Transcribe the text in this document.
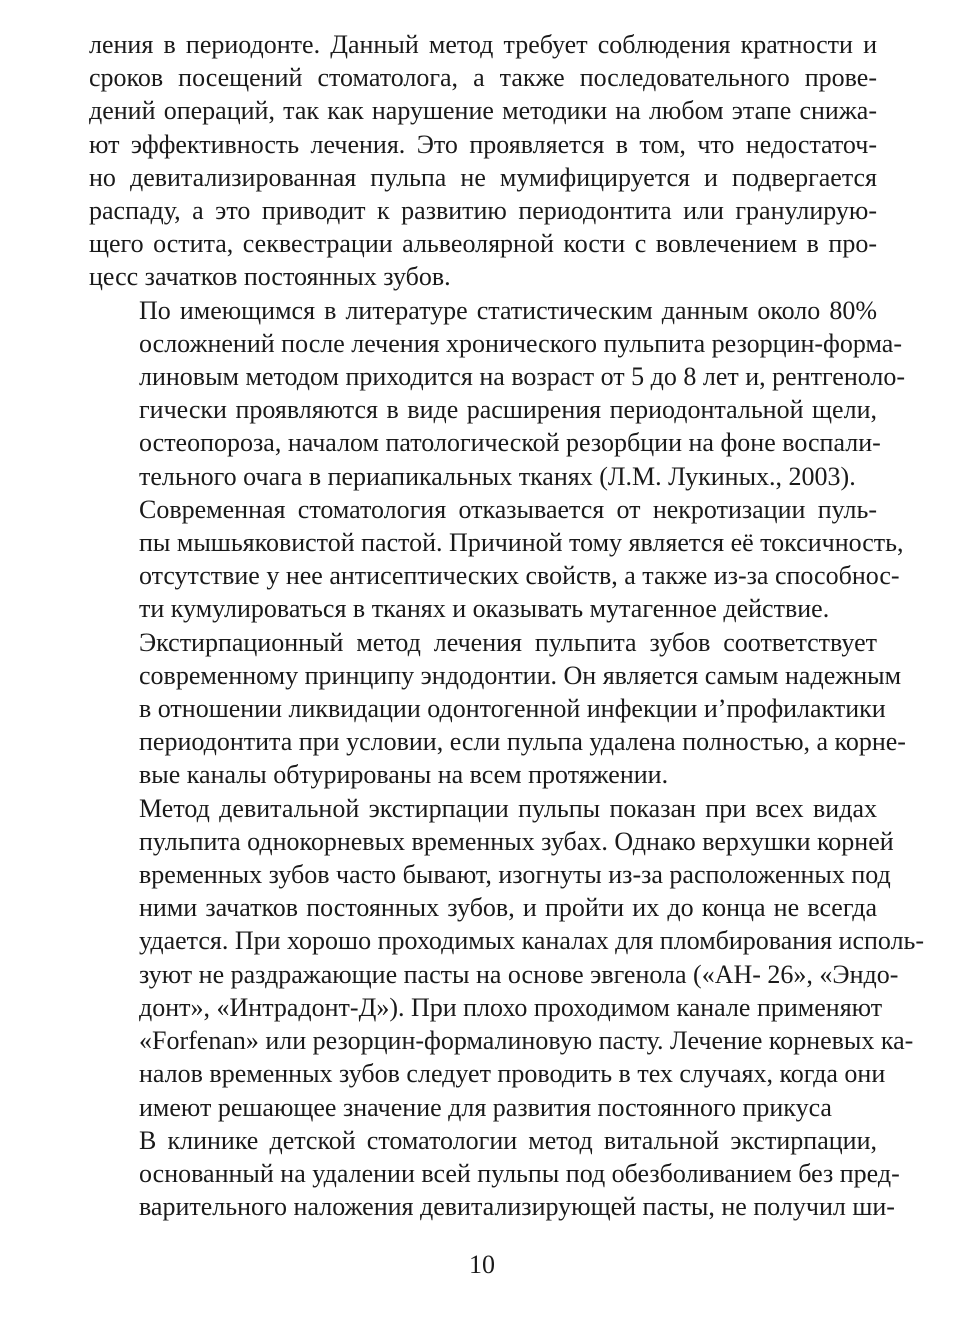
ления в периодонте. Данный метод требует соблюдения кратности и
сроков посещений стоматолога, а также последовательного прове-
дений операций, так как нарушение методики на любом этапе снижа-
ют эффективность лечения. Это проявляется в том, что недостаточ-
но девитализированная пульпа не мумифицируется и подвергается
распаду, а это приводит к развитию периодонтита или гранулирую-
щего остита, секвестрации альвеолярной кости с вовлечением в про-
цесс зачатков постоянных зубов.

По имеющимся в литературе статистическим данным около 80%
осложнений после лечения хронического пульпита резорцин-форма-
линовым методом приходится на возраст от 5 до 8 лет и, рентгеноло-
гически проявляются в виде расширения периодонтальной щели,
остеопороза, началом патологической резорбции на фоне воспали-
тельного очага в периапикальных тканях (Л.М. Лукиных., 2003).

Современная стоматология отказывается от некротизации пуль-
пы мышьяковистой пастой. Причиной тому является её токсичность,
отсутствие у нее антисептических свойств, а также из-за способнос-
ти кумулироваться в тканях и оказывать мутагенное действие.

Экстирпационный метод лечения пульпита зубов соответствует
современному принципу эндодонтии. Он является самым надежным
в отношении ликвидации одонтогенной инфекции и’профилактики
периодонтита при условии, если пульпа удалена полностью, а корне-
вые каналы обтурированы на всем протяжении.

Метод девитальной экстирпации пульпы показан при всех видах
пульпита однокорневых временных зубах. Однако верхушки корней
временных зубов часто бывают, изогнуты из-за расположенных под
ними зачатков постоянных зубов, и пройти их до конца не всегда
удается. При хорошо проходимых каналах для пломбирования исполь-
зуют не раздражающие пасты на основе эвгенола («АН- 26», «Эндо-
донт», «Интрадонт-Д»). При плохо проходимом канале применяют
«Forfenan» или резорцин-формалиновую пасту. Лечение корневых ка-
налов временных зубов следует проводить в тех случаях, когда они
имеют решающее значение для развития постоянного прикуса

В клинике детской стоматологии метод витальной экстирпации,
основанный на удалении всей пульпы под обезболиванием без пред-
варительного наложения девитализирующей пасты, не получил ши-

10
